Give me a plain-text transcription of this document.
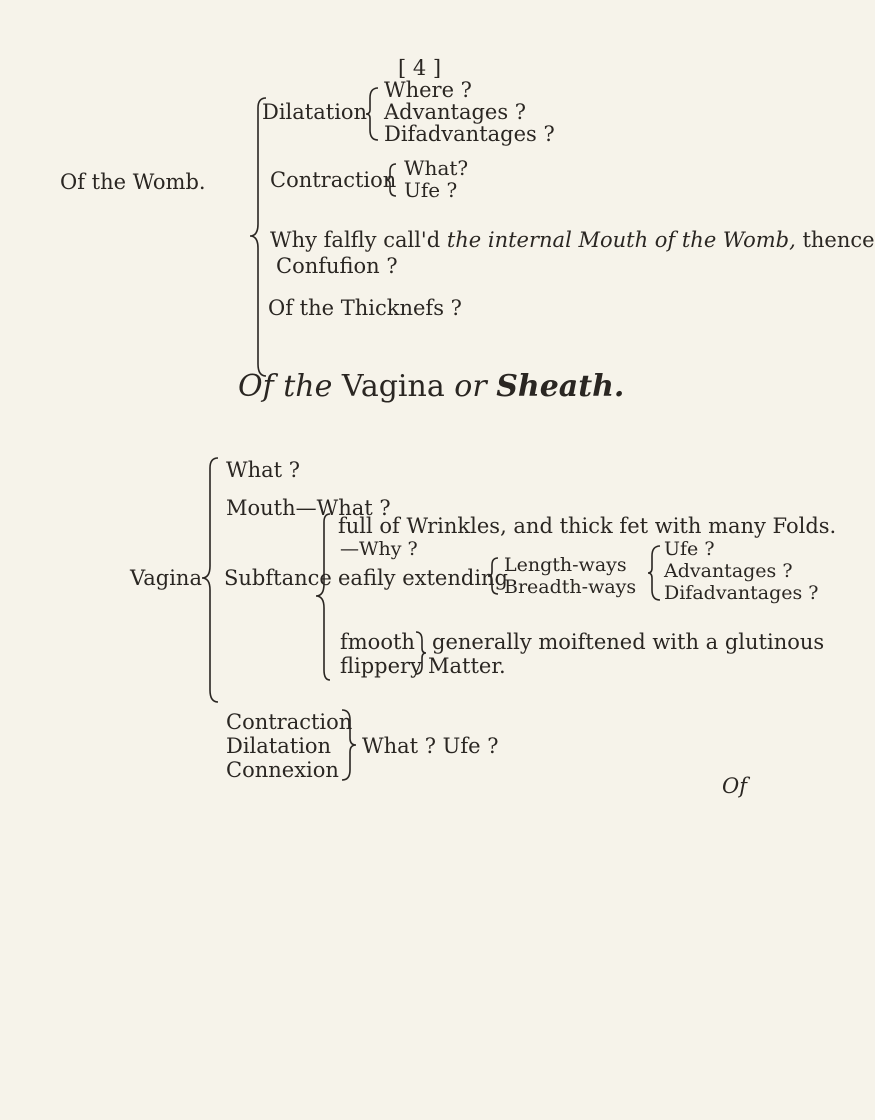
[ 4 ]
Of the Womb.
Dilatation
Where ?
Advantages ?
Difadvantages ?
Contraction What?
Ufe ?
Why falfly call'd the internal Mouth of the Womb, thence
Confufion ?
Of the Thicknefs ?
Of the Vagina or Sheath.
Vagina
What ?
Mouth—What ?
Subftance
full of Wrinkles, and thick fet with many Folds.
—Why ?
eafily extending
Length-ways
Breadth-ways
Ufe ?
Advantages ?
Difadvantages ?
fmooth
flippery
generally moiftened with a glutinous
Matter.
Contraction
Dilatation
Connexion
What ? Ufe ?
Of
